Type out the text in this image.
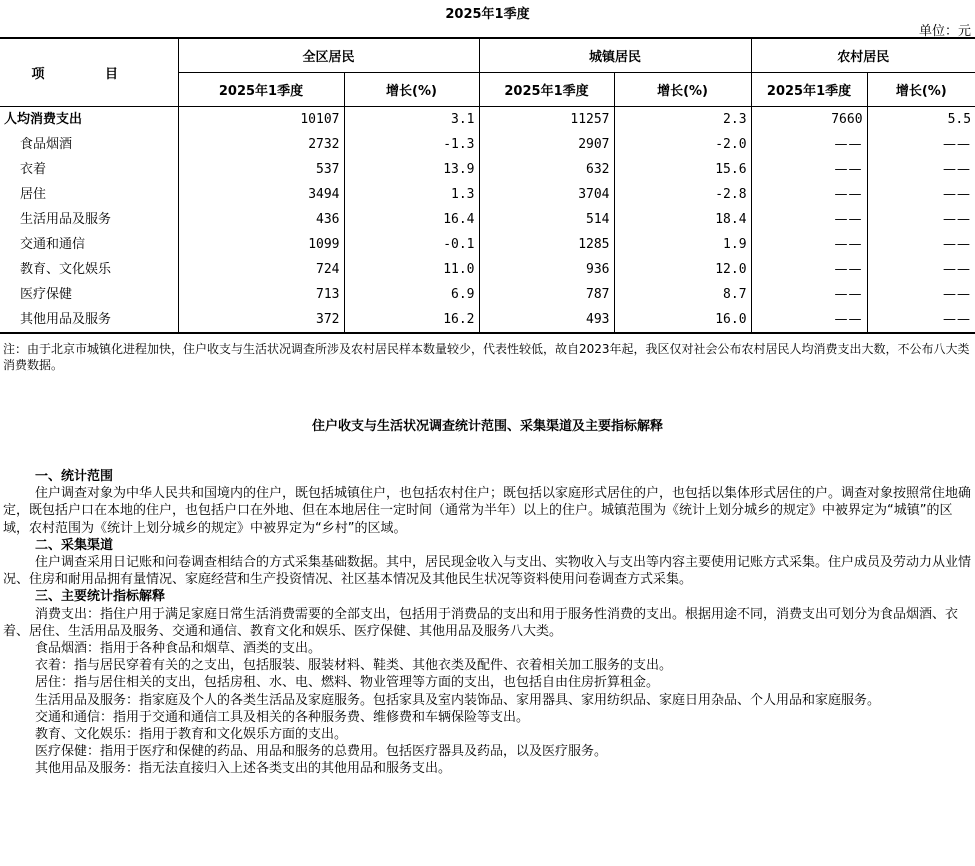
2025年1季度
单位：元
项 目	全区居民		城镇居民		农村居民	
	2025年1季度	增长(%)	2025年1季度	增长(%)	2025年1季度	增长(%)
人均消费支出	10107	3.1	11257	2.3	7660	5.5
食品烟酒	2732	-1.3	2907	-2.0	——	——
衣着	537	13.9	632	15.6	——	——
居住	3494	1.3	3704	-2.8	——	——
生活用品及服务	436	16.4	514	18.4	——	——
交通和通信	1099	-0.1	1285	1.9	——	——
教育、文化娱乐	724	11.0	936	12.0	——	——
医疗保健	713	6.9	787	8.7	——	——
其他用品及服务	372	16.2	493	16.0	——	——
注：由于北京市城镇化进程加快，住户收支与生活状况调查所涉及农村居民样本数量较少，代表性较低，故自2023年起，我区仅对社会公布农村居民人均消费支出大数，不公布八大类消费数据。
住户收支与生活状况调查统计范围、采集渠道及主要指标解释

一、统计范围

住户调查对象为中华人民共和国境内的住户，既包括城镇住户，也包括农村住户；既包括以家庭形式居住的户，也包括以集体形式居住的户。调查对象按照常住地确定，既包括户口在本地的住户，也包括户口在外地、但在本地居住一定时间（通常为半年）以上的住户。城镇范围为《统计上划分城乡的规定》中被界定为“城镇”的区域，农村范围为《统计上划分城乡的规定》中被界定为“乡村”的区域。

二、采集渠道

住户调查采用日记账和问卷调查相结合的方式采集基础数据。其中，居民现金收入与支出、实物收入与支出等内容主要使用记账方式采集。住户成员及劳动力从业情况、住房和耐用品拥有量情况、家庭经营和生产投资情况、社区基本情况及其他民生状况等资料使用问卷调查方式采集。

三、主要统计指标解释

消费支出：指住户用于满足家庭日常生活消费需要的全部支出，包括用于消费品的支出和用于服务性消费的支出。根据用途不同，消费支出可划分为食品烟酒、衣着、居住、生活用品及服务、交通和通信、教育文化和娱乐、医疗保健、其他用品及服务八大类。

食品烟酒：指用于各种食品和烟草、酒类的支出。

衣着：指与居民穿着有关的之支出，包括服装、服装材料、鞋类、其他衣类及配件、衣着相关加工服务的支出。

居住：指与居住相关的支出，包括房租、水、电、燃料、物业管理等方面的支出，也包括自由住房折算租金。

生活用品及服务：指家庭及个人的各类生活品及家庭服务。包括家具及室内装饰品、家用器具、家用纺织品、家庭日用杂品、个人用品和家庭服务。

交通和通信：指用于交通和通信工具及相关的各种服务费、维修费和车辆保险等支出。

教育、文化娱乐：指用于教育和文化娱乐方面的支出。

医疗保健：指用于医疗和保健的药品、用品和服务的总费用。包括医疗器具及药品，以及医疗服务。

其他用品及服务：指无法直接归入上述各类支出的其他用品和服务支出。
